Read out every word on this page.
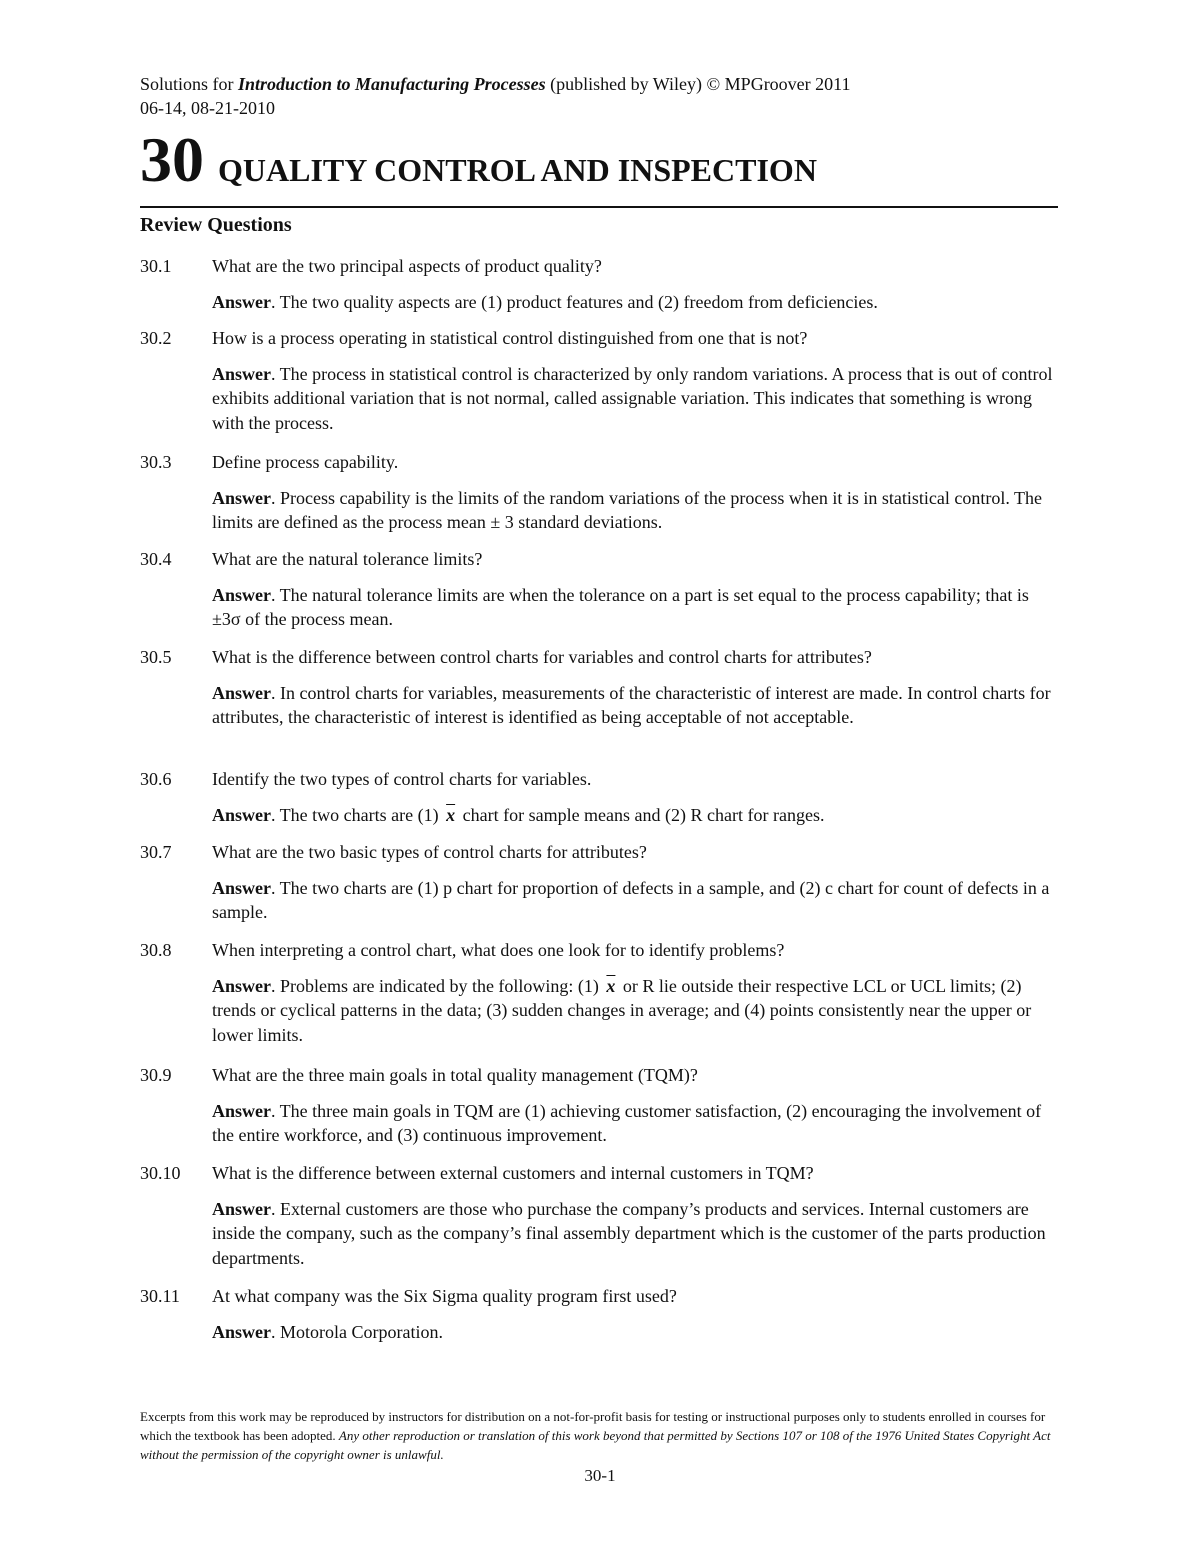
Solutions for Introduction to Manufacturing Processes (published by Wiley) © MPGroover 2011
06-14, 08-21-2010
30 QUALITY CONTROL AND INSPECTION
Review Questions
30.1	What are the two principal aspects of product quality?
Answer. The two quality aspects are (1) product features and (2) freedom from deficiencies.
30.2	How is a process operating in statistical control distinguished from one that is not?
Answer. The process in statistical control is characterized by only random variations. A process that is out of control exhibits additional variation that is not normal, called assignable variation. This indicates that something is wrong with the process.
30.3	Define process capability.
Answer. Process capability is the limits of the random variations of the process when it is in statistical control. The limits are defined as the process mean ± 3 standard deviations.
30.4	What are the natural tolerance limits?
Answer. The natural tolerance limits are when the tolerance on a part is set equal to the process capability; that is ±3σ of the process mean.
30.5	What is the difference between control charts for variables and control charts for attributes?
Answer. In control charts for variables, measurements of the characteristic of interest are made. In control charts for attributes, the characteristic of interest is identified as being acceptable of not acceptable.
30.6	Identify the two types of control charts for variables.
Answer. The two charts are (1) $\overline{x}$ chart for sample means and (2) R chart for ranges.
30.7	What are the two basic types of control charts for attributes?
Answer. The two charts are (1) p chart for proportion of defects in a sample, and (2) c chart for count of defects in a sample.
30.8	When interpreting a control chart, what does one look for to identify problems?
Answer. Problems are indicated by the following: (1) $\overline{x}$ or R lie outside their respective LCL or UCL limits; (2) trends or cyclical patterns in the data; (3) sudden changes in average; and (4) points consistently near the upper or lower limits.
30.9	What are the three main goals in total quality management (TQM)?
Answer. The three main goals in TQM are (1) achieving customer satisfaction, (2) encouraging the involvement of the entire workforce, and (3) continuous improvement.
30.10	What is the difference between external customers and internal customers in TQM?
Answer. External customers are those who purchase the company’s products and services. Internal customers are inside the company, such as the company’s final assembly department which is the customer of the parts production departments.
30.11	At what company was the Six Sigma quality program first used?
Answer. Motorola Corporation.
Excerpts from this work may be reproduced by instructors for distribution on a not-for-profit basis for testing or instructional purposes only to students enrolled in courses for which the textbook has been adopted. Any other reproduction or translation of this work beyond that permitted by Sections 107 or 108 of the 1976 United States Copyright Act without the permission of the copyright owner is unlawful.
30-1
